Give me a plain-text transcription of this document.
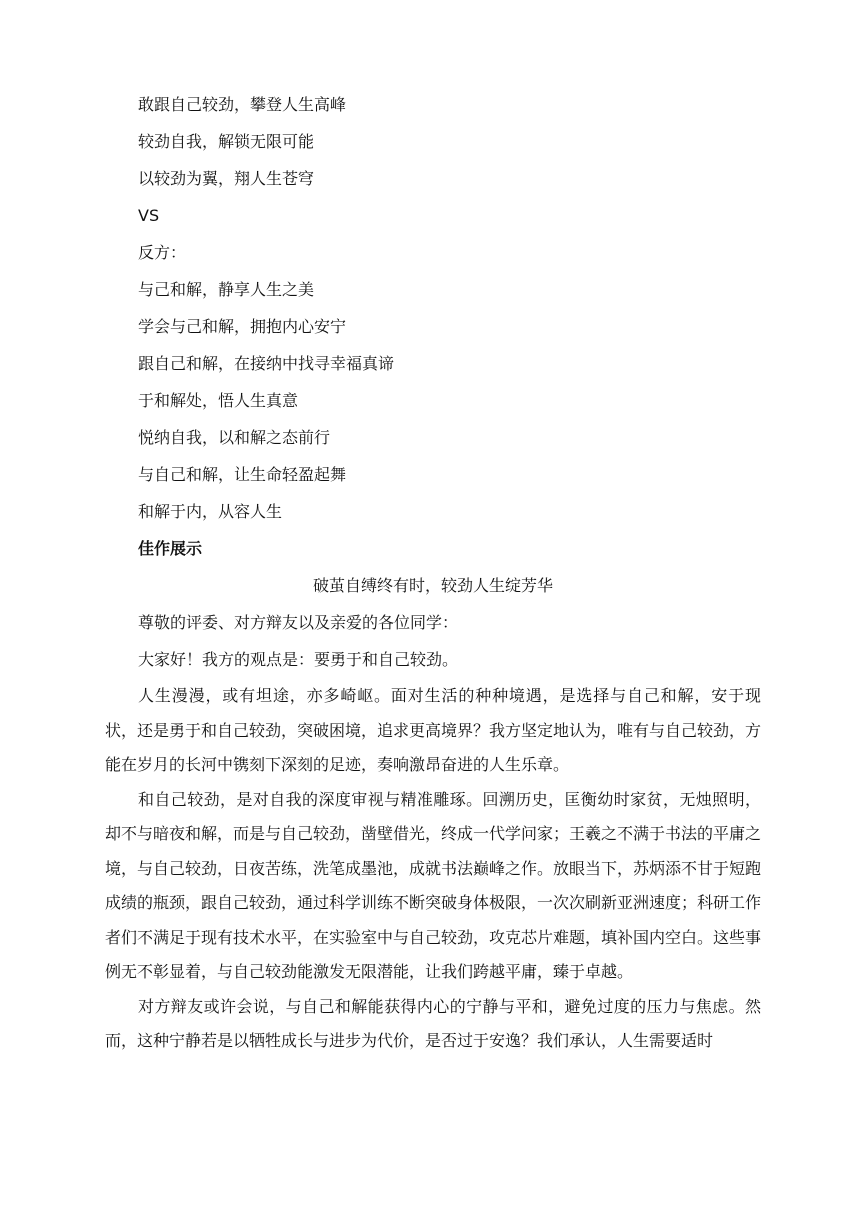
敢跟自己较劲，攀登人生高峰
较劲自我，解锁无限可能
以较劲为翼，翔人生苍穹
VS
反方：
与己和解，静享人生之美
学会与己和解，拥抱内心安宁
跟自己和解，在接纳中找寻幸福真谛
于和解处，悟人生真意
悦纳自我，以和解之态前行
与自己和解，让生命轻盈起舞
和解于内，从容人生
佳作展示
破茧自缚终有时，较劲人生绽芳华
尊敬的评委、对方辩友以及亲爱的各位同学：
大家好！我方的观点是：要勇于和自己较劲。

人生漫漫，或有坦途，亦多崎岖。面对生活的种种境遇，是选择与自己和解，安于现状，还是勇于和自己较劲，突破困境，追求更高境界？我方坚定地认为，唯有与自己较劲，方能在岁月的长河中镌刻下深刻的足迹，奏响激昂奋进的人生乐章。

和自己较劲，是对自我的深度审视与精准雕琢。回溯历史，匡衡幼时家贫，无烛照明，却不与暗夜和解，而是与自己较劲，凿壁借光，终成一代学问家；王羲之不满于书法的平庸之境，与自己较劲，日夜苦练，洗笔成墨池，成就书法巅峰之作。放眼当下，苏炳添不甘于短跑成绩的瓶颈，跟自己较劲，通过科学训练不断突破身体极限，一次次刷新亚洲速度；科研工作者们不满足于现有技术水平，在实验室中与自己较劲，攻克芯片难题，填补国内空白。这些事例无不彰显着，与自己较劲能激发无限潜能，让我们跨越平庸，臻于卓越。

对方辩友或许会说，与自己和解能获得内心的宁静与平和，避免过度的压力与焦虑。然而，这种宁静若是以牺牲成长与进步为代价，是否过于安逸？我们承认，人生需要适时
